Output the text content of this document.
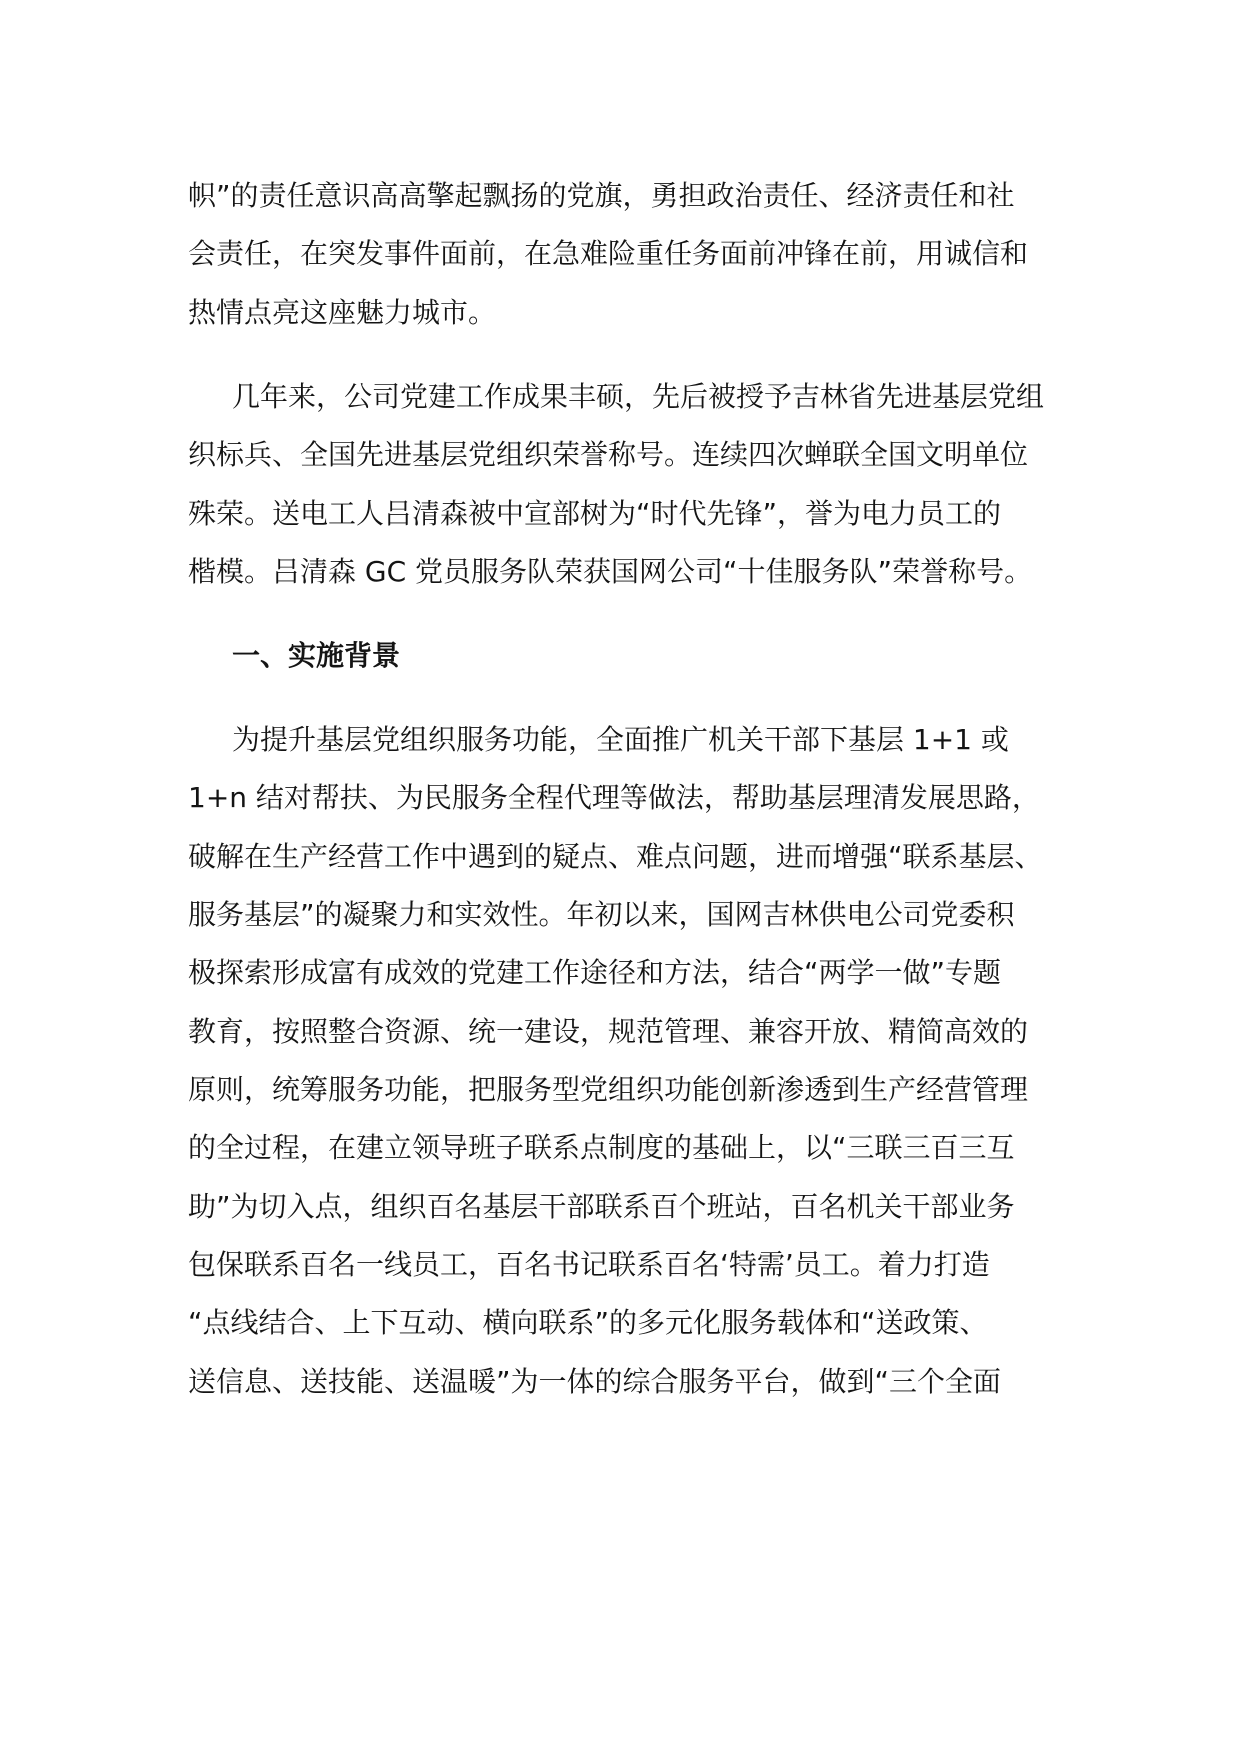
帜”的责任意识高高擎起飘扬的党旗，勇担政治责任、经济责任和社
会责任，在突发事件面前，在急难险重任务面前冲锋在前，用诚信和
热情点亮这座魅力城市。
几年来，公司党建工作成果丰硕，先后被授予吉林省先进基层党组
织标兵、全国先进基层党组织荣誉称号。连续四次蝉联全国文明单位
殊荣。送电工人吕清森被中宣部树为“时代先锋”，誉为电力员工的
楷模。吕清森 GC 党员服务队荣获国网公司“十佳服务队”荣誉称号。
一、实施背景
为提升基层党组织服务功能，全面推广机关干部下基层 1+1 或
1+n 结对帮扶、为民服务全程代理等做法，帮助基层理清发展思路，
破解在生产经营工作中遇到的疑点、难点问题，进而增强“联系基层、
服务基层”的凝聚力和实效性。年初以来，国网吉林供电公司党委积
极探索形成富有成效的党建工作途径和方法，结合“两学一做”专题
教育，按照整合资源、统一建设，规范管理、兼容开放、精简高效的
原则，统筹服务功能，把服务型党组织功能创新渗透到生产经营管理
的全过程，在建立领导班子联系点制度的基础上，以“三联三百三互
助”为切入点，组织百名基层干部联系百个班站，百名机关干部业务
包保联系百名一线员工，百名书记联系百名‘特需’员工。着力打造
“点线结合、上下互动、横向联系”的多元化服务载体和“送政策、
送信息、送技能、送温暖”为一体的综合服务平台，做到“三个全面
